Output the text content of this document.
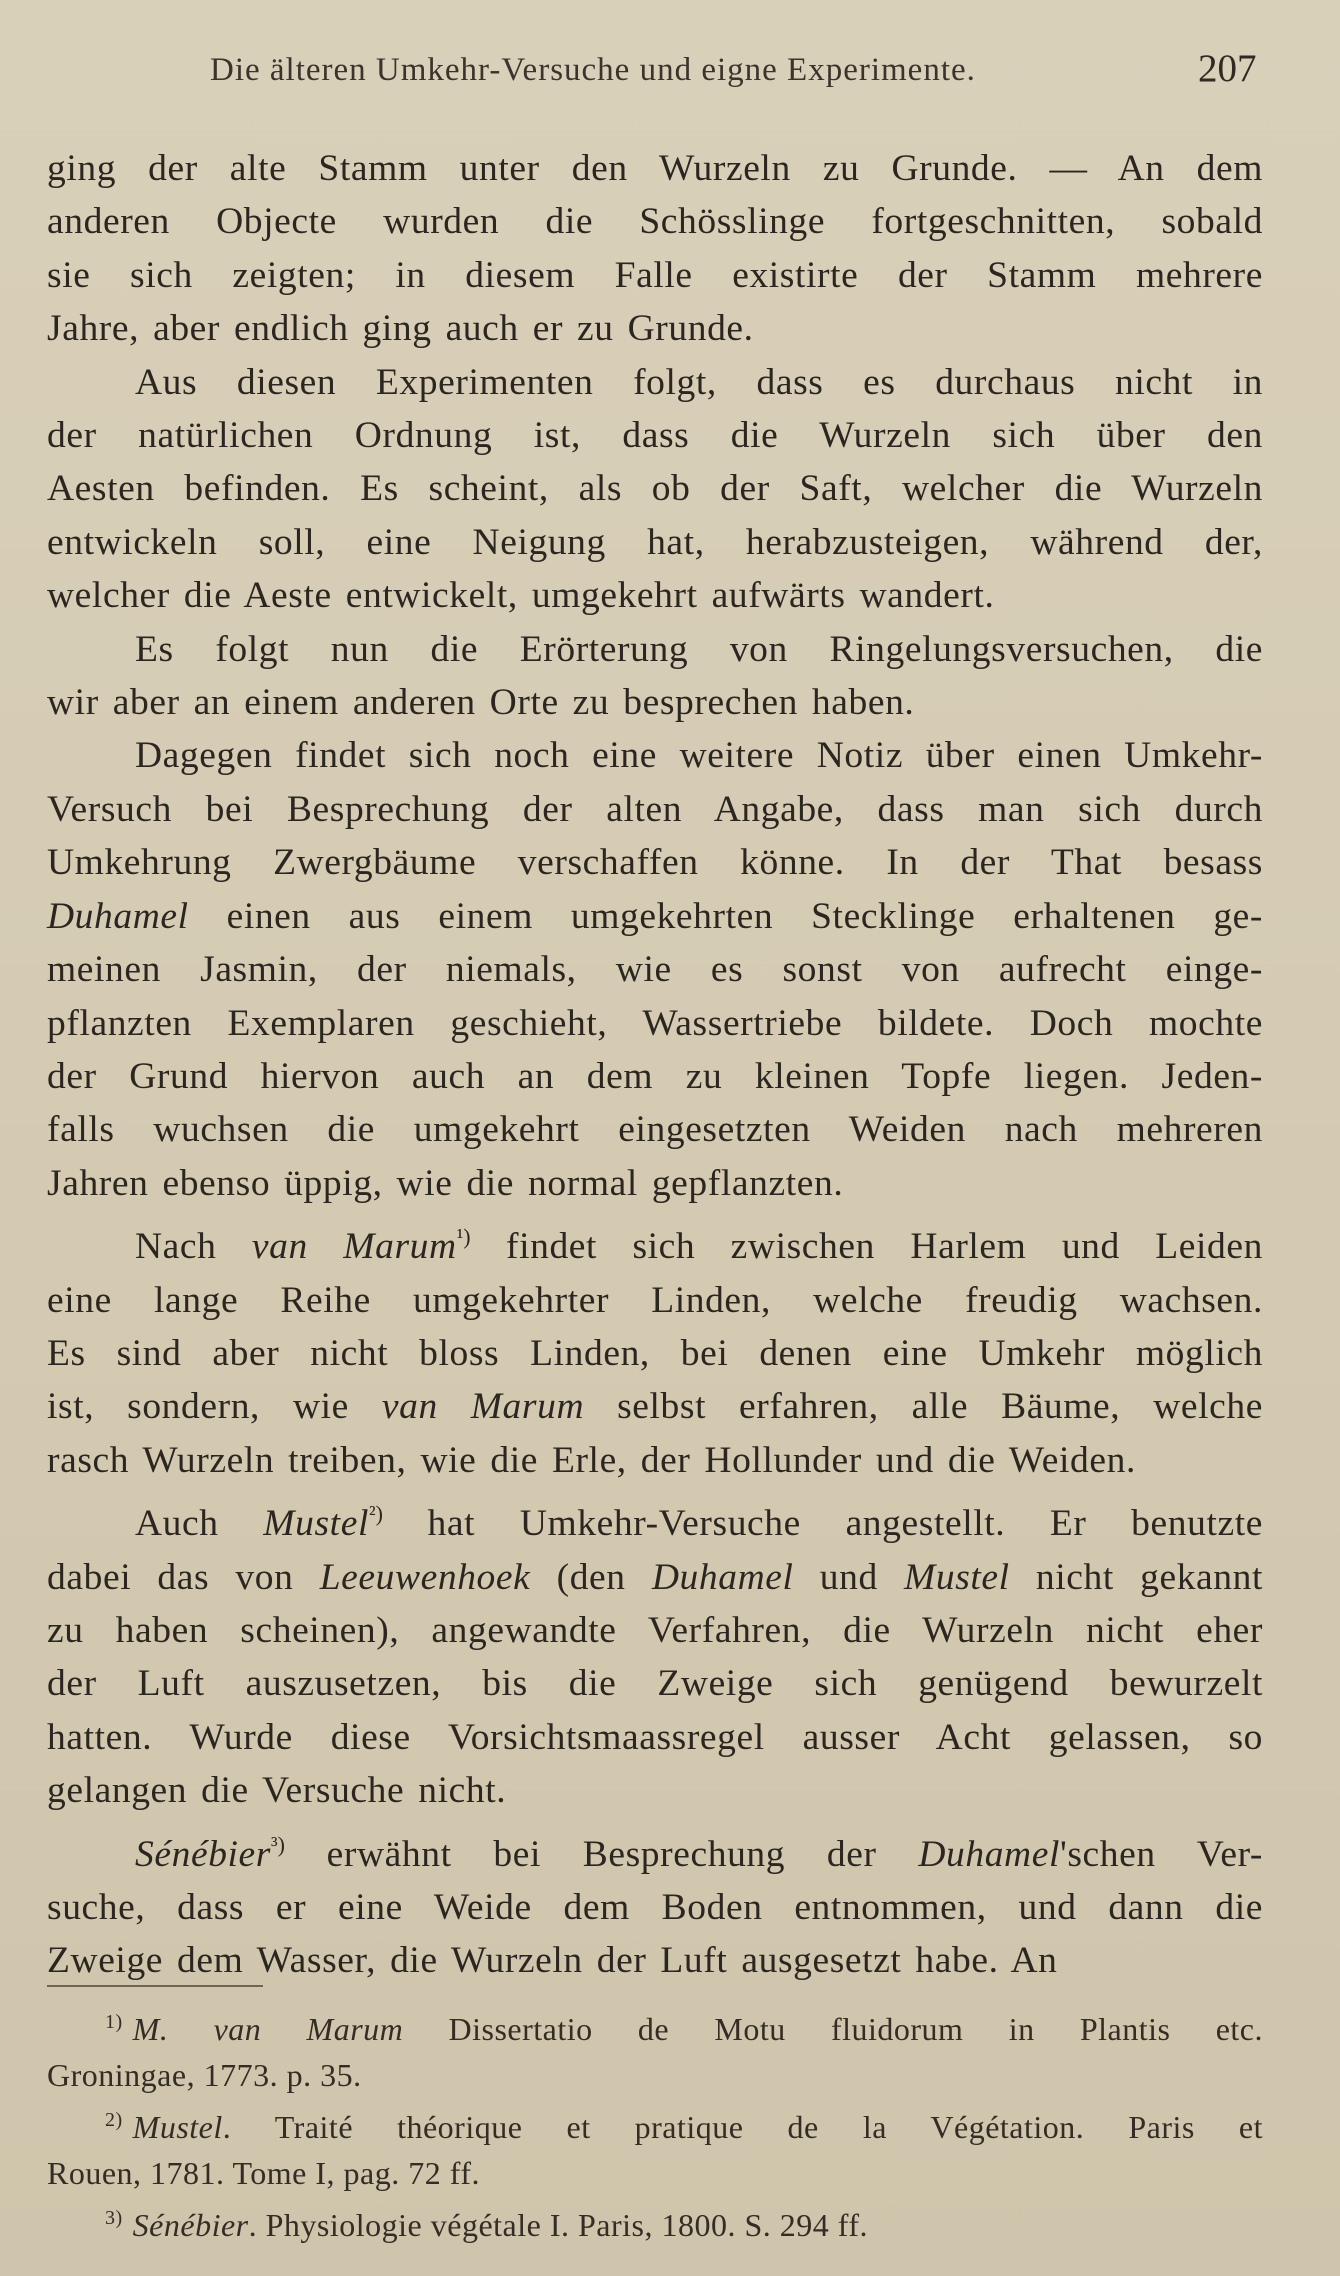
Die älteren Umkehr-Versuche und eigne Experimente.	207
ging der alte Stamm unter den Wurzeln zu Grunde. — An dem
anderen Objecte wurden die Schösslinge fortgeschnitten, sobald
sie sich zeigten; in diesem Falle existirte der Stamm mehrere
Jahre, aber endlich ging auch er zu Grunde.
Aus diesen Experimenten folgt, dass es durchaus nicht in
der natürlichen Ordnung ist, dass die Wurzeln sich über den
Aesten befinden. Es scheint, als ob der Saft, welcher die Wurzeln
entwickeln soll, eine Neigung hat, herabzusteigen, während der,
welcher die Aeste entwickelt, umgekehrt aufwärts wandert.
Es folgt nun die Erörterung von Ringelungsversuchen, die
wir aber an einem anderen Orte zu besprechen haben.
Dagegen findet sich noch eine weitere Notiz über einen Umkehr-
Versuch bei Besprechung der alten Angabe, dass man sich durch
Umkehrung Zwergbäume verschaffen könne. In der That besass
Duhamel einen aus einem umgekehrten Stecklinge erhaltenen ge-
meinen Jasmin, der niemals, wie es sonst von aufrecht einge-
pflanzten Exemplaren geschieht, Wassertriebe bildete. Doch mochte
der Grund hiervon auch an dem zu kleinen Topfe liegen. Jeden-
falls wuchsen die umgekehrt eingesetzten Weiden nach mehreren
Jahren ebenso üppig, wie die normal gepflanzten.
Nach van Marum$^{^1)}$ findet sich zwischen Harlem und Leiden
eine lange Reihe umgekehrter Linden, welche freudig wachsen.
Es sind aber nicht bloss Linden, bei denen eine Umkehr möglich
ist, sondern, wie van Marum selbst erfahren, alle Bäume, welche
rasch Wurzeln treiben, wie die Erle, der Hollunder und die Weiden.
Auch Mustel$^{^2)}$ hat Umkehr-Versuche angestellt. Er benutzte
dabei das von Leeuwenhoek (den Duhamel und Mustel nicht gekannt
zu haben scheinen), angewandte Verfahren, die Wurzeln nicht eher
der Luft auszusetzen, bis die Zweige sich genügend bewurzelt
hatten. Wurde diese Vorsichtsmaassregel ausser Acht gelassen, so
gelangen die Versuche nicht.
Sénébier$^{^3)}$ erwähnt bei Besprechung der Duhamel'schen Ver-
suche, dass er eine Weide dem Boden entnommen, und dann die
Zweige dem Wasser, die Wurzeln der Luft ausgesetzt habe. An
$^{1)}$ M. van Marum Dissertatio de Motu fluidorum in Plantis etc.
Groningae, 1773. p. 35.
$^{2)}$ Mustel. Traité théorique et pratique de la Végétation. Paris et
Rouen, 1781. Tome I, pag. 72 ff.
$^{3)}$ Sénébier. Physiologie végétale I. Paris, 1800. S. 294 ff.
